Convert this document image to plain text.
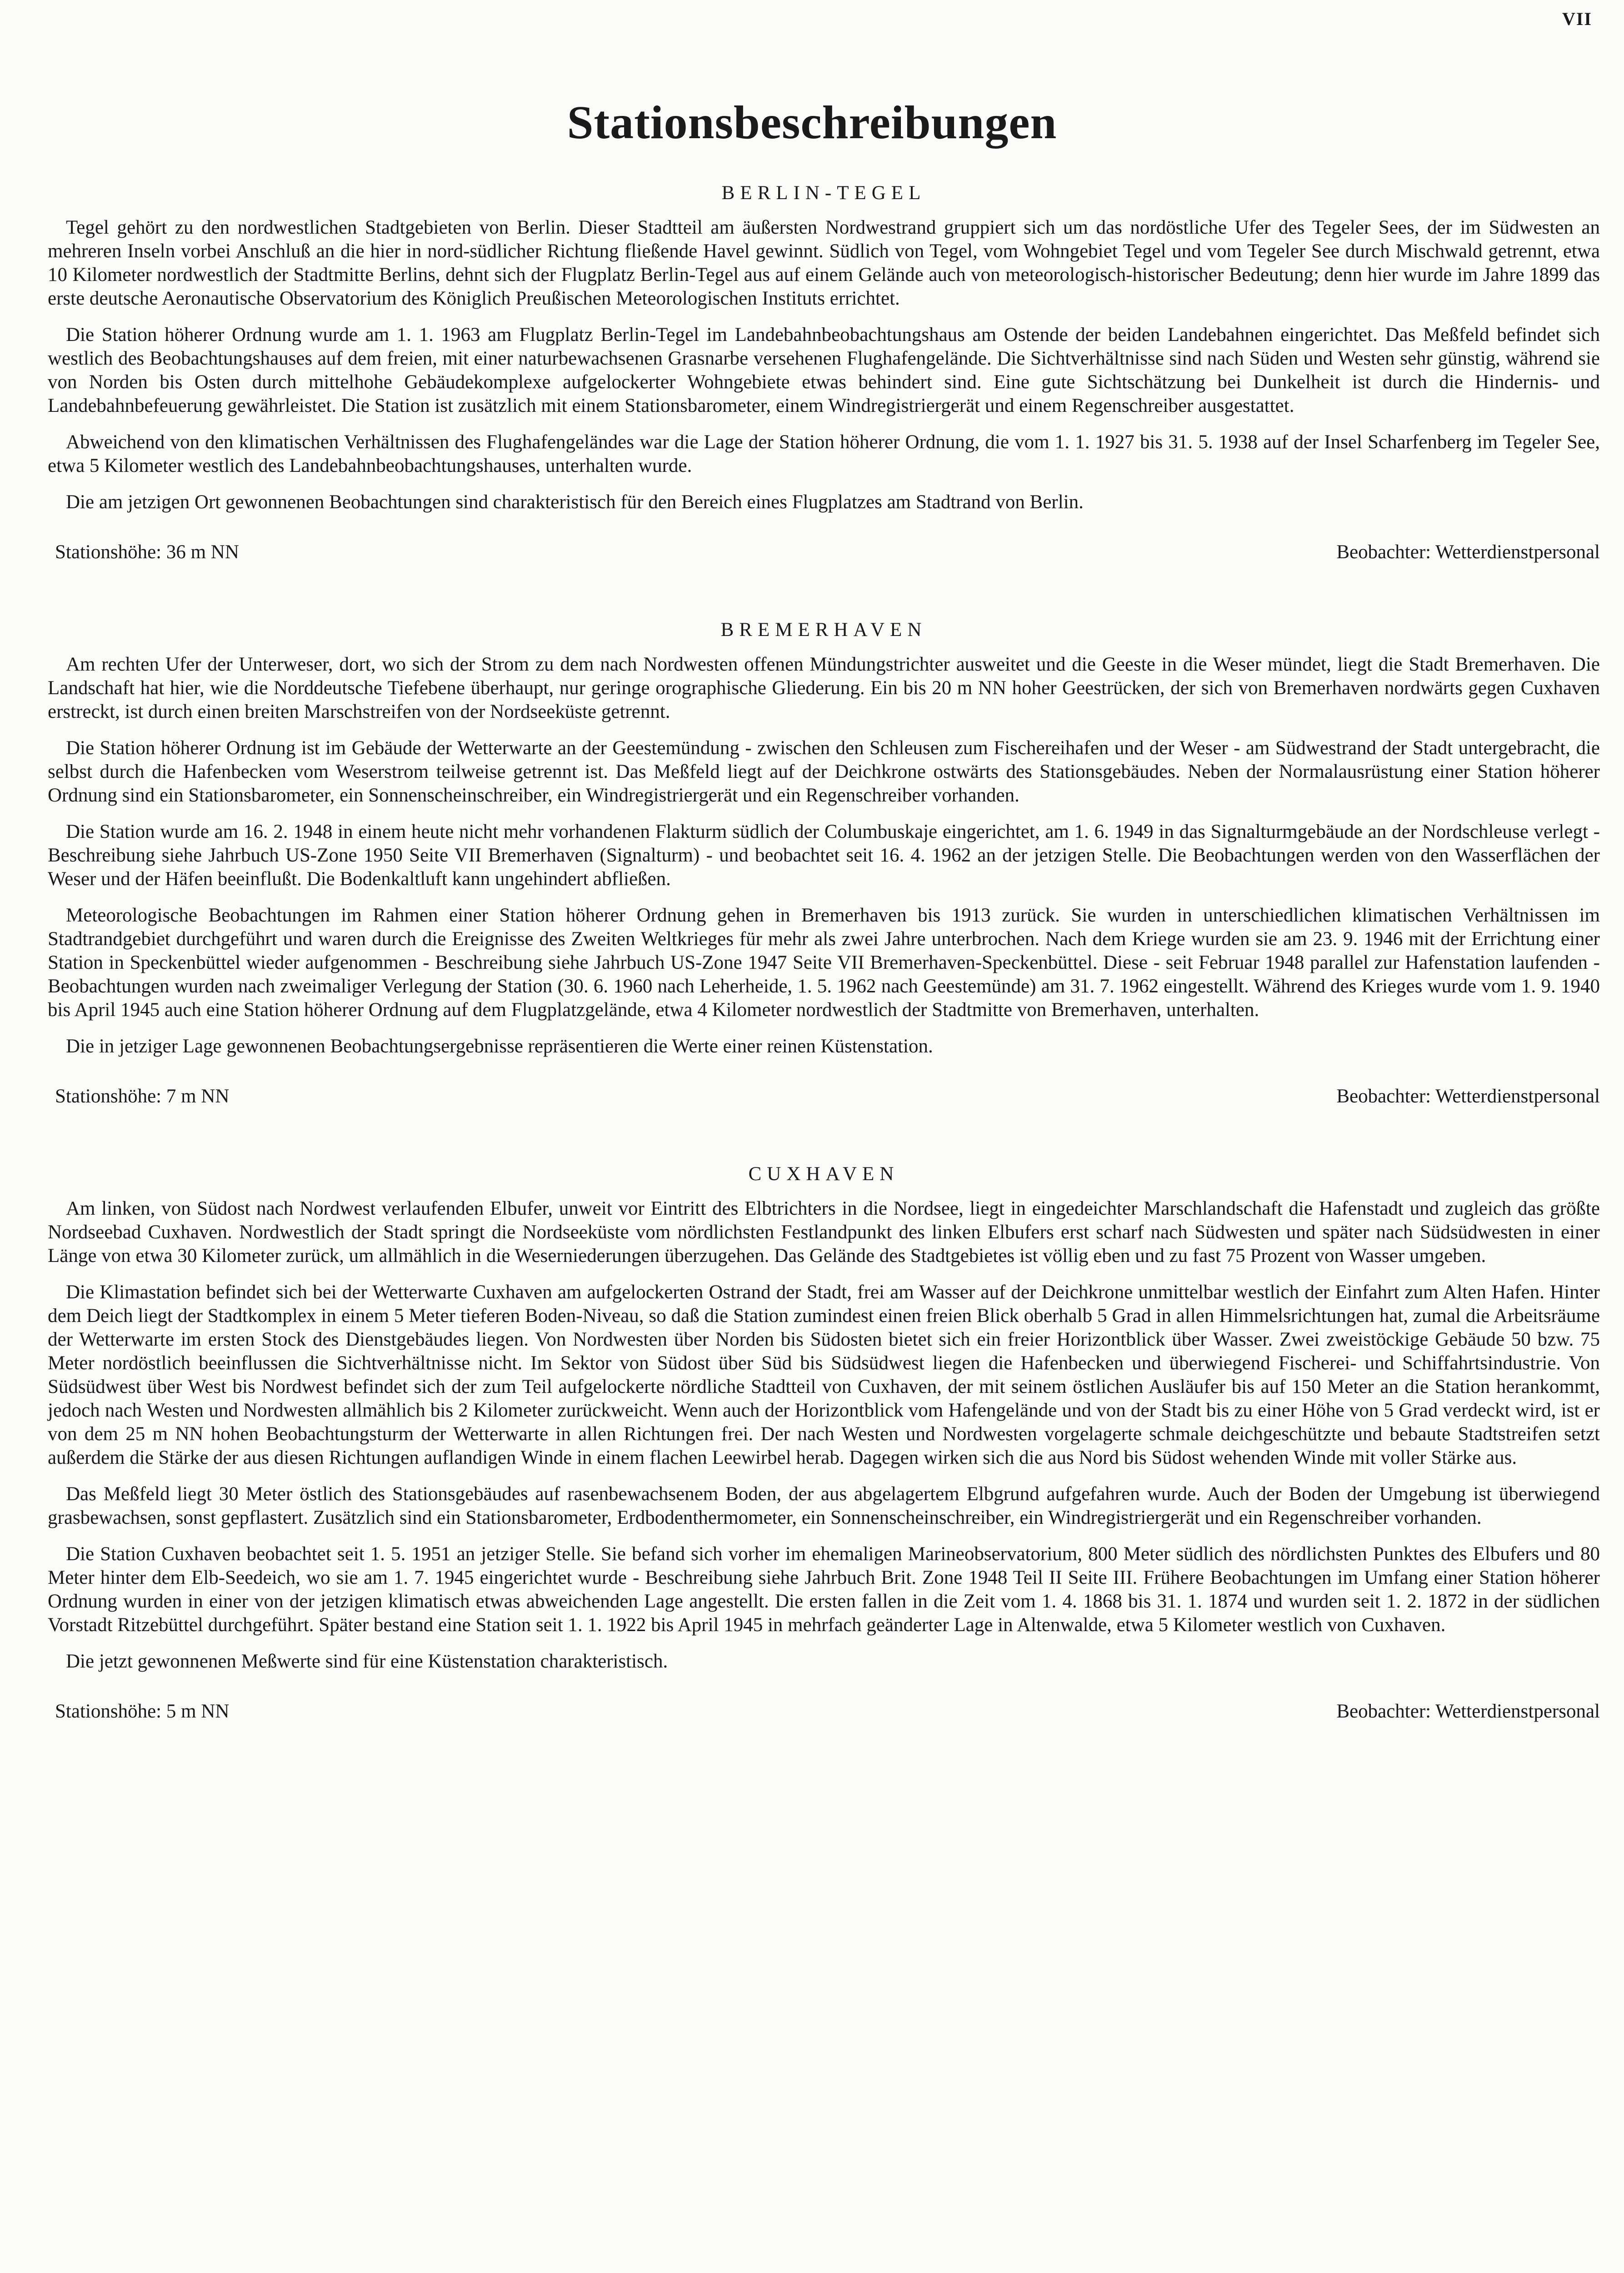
VII
Stationsbeschreibungen
BERLIN-TEGEL

Tegel gehört zu den nordwestlichen Stadtgebieten von Berlin. Dieser Stadtteil am äußersten Nordwestrand gruppiert sich um das nordöstliche Ufer des Tegeler Sees, der im Südwesten an mehreren Inseln vorbei Anschluß an die hier in nord-südlicher Richtung fließende Havel gewinnt. Südlich von Tegel, vom Wohngebiet Tegel und vom Tegeler See durch Mischwald getrennt, etwa 10 Kilometer nordwestlich der Stadtmitte Berlins, dehnt sich der Flugplatz Berlin-Tegel aus auf einem Gelände auch von meteorologisch-historischer Bedeutung; denn hier wurde im Jahre 1899 das erste deutsche Aeronautische Observatorium des Königlich Preußischen Meteorologischen Instituts errichtet.

Die Station höherer Ordnung wurde am 1. 1. 1963 am Flugplatz Berlin-Tegel im Landebahnbeobachtungshaus am Ostende der beiden Landebahnen eingerichtet. Das Meßfeld befindet sich westlich des Beobachtungshauses auf dem freien, mit einer naturbewachsenen Grasnarbe versehenen Flughafengelände. Die Sichtverhältnisse sind nach Süden und Westen sehr günstig, während sie von Norden bis Osten durch mittelhohe Gebäudekomplexe aufgelockerter Wohngebiete etwas behindert sind. Eine gute Sichtschätzung bei Dunkelheit ist durch die Hindernis- und Landebahnbefeuerung gewährleistet. Die Station ist zusätzlich mit einem Stationsbarometer, einem Windregistriergerät und einem Regenschreiber ausgestattet.

Abweichend von den klimatischen Verhältnissen des Flughafengeländes war die Lage der Station höherer Ordnung, die vom 1. 1. 1927 bis 31. 5. 1938 auf der Insel Scharfenberg im Tegeler See, etwa 5 Kilometer westlich des Landebahnbeobachtungshauses, unterhalten wurde.

Die am jetzigen Ort gewonnenen Beobachtungen sind charakteristisch für den Bereich eines Flugplatzes am Stadtrand von Berlin.

Stationshöhe: 36 m NN	Beobachter: Wetterdienstpersonal
BREMERHAVEN

Am rechten Ufer der Unterweser, dort, wo sich der Strom zu dem nach Nordwesten offenen Mündungstrichter ausweitet und die Geeste in die Weser mündet, liegt die Stadt Bremerhaven. Die Landschaft hat hier, wie die Norddeutsche Tiefebene überhaupt, nur geringe orographische Gliederung. Ein bis 20 m NN hoher Geestrücken, der sich von Bremerhaven nordwärts gegen Cuxhaven erstreckt, ist durch einen breiten Marschstreifen von der Nordseeküste getrennt.

Die Station höherer Ordnung ist im Gebäude der Wetterwarte an der Geestemündung - zwischen den Schleusen zum Fischereihafen und der Weser - am Südwestrand der Stadt untergebracht, die selbst durch die Hafenbecken vom Weserstrom teilweise getrennt ist. Das Meßfeld liegt auf der Deichkrone ostwärts des Stationsgebäudes. Neben der Normalausrüstung einer Station höherer Ordnung sind ein Stationsbarometer, ein Sonnenscheinschreiber, ein Windregistriergerät und ein Regenschreiber vorhanden.

Die Station wurde am 16. 2. 1948 in einem heute nicht mehr vorhandenen Flakturm südlich der Columbuskaje eingerichtet, am 1. 6. 1949 in das Signalturmgebäude an der Nordschleuse verlegt - Beschreibung siehe Jahrbuch US-Zone 1950 Seite VII Bremerhaven (Signalturm) - und beobachtet seit 16. 4. 1962 an der jetzigen Stelle. Die Beobachtungen werden von den Wasserflächen der Weser und der Häfen beeinflußt. Die Bodenkaltluft kann ungehindert abfließen.

Meteorologische Beobachtungen im Rahmen einer Station höherer Ordnung gehen in Bremerhaven bis 1913 zurück. Sie wurden in unterschiedlichen klimatischen Verhältnissen im Stadtrandgebiet durchgeführt und waren durch die Ereignisse des Zweiten Weltkrieges für mehr als zwei Jahre unterbrochen. Nach dem Kriege wurden sie am 23. 9. 1946 mit der Errichtung einer Station in Speckenbüttel wieder aufgenommen - Beschreibung siehe Jahrbuch US-Zone 1947 Seite VII Bremerhaven-Speckenbüttel. Diese - seit Februar 1948 parallel zur Hafenstation laufenden - Beobachtungen wurden nach zweimaliger Verlegung der Station (30. 6. 1960 nach Leherheide, 1. 5. 1962 nach Geestemünde) am 31. 7. 1962 eingestellt. Während des Krieges wurde vom 1. 9. 1940 bis April 1945 auch eine Station höherer Ordnung auf dem Flugplatzgelände, etwa 4 Kilometer nordwestlich der Stadtmitte von Bremerhaven, unterhalten.

Die in jetziger Lage gewonnenen Beobachtungsergebnisse repräsentieren die Werte einer reinen Küstenstation.

Stationshöhe: 7 m NN	Beobachter: Wetterdienstpersonal
CUXHAVEN

Am linken, von Südost nach Nordwest verlaufenden Elbufer, unweit vor Eintritt des Elbtrichters in die Nordsee, liegt in eingedeichter Marschlandschaft die Hafenstadt und zugleich das größte Nordseebad Cuxhaven. Nordwestlich der Stadt springt die Nordseeküste vom nördlichsten Festlandpunkt des linken Elbufers erst scharf nach Südwesten und später nach Südsüdwesten in einer Länge von etwa 30 Kilometer zurück, um allmählich in die Weserniederungen überzugehen. Das Gelände des Stadtgebietes ist völlig eben und zu fast 75 Prozent von Wasser umgeben.

Die Klimastation befindet sich bei der Wetterwarte Cuxhaven am aufgelockerten Ostrand der Stadt, frei am Wasser auf der Deichkrone unmittelbar westlich der Einfahrt zum Alten Hafen. Hinter dem Deich liegt der Stadtkomplex in einem 5 Meter tieferen Boden-Niveau, so daß die Station zumindest einen freien Blick oberhalb 5 Grad in allen Himmelsrichtungen hat, zumal die Arbeitsräume der Wetterwarte im ersten Stock des Dienstgebäudes liegen. Von Nordwesten über Norden bis Südosten bietet sich ein freier Horizontblick über Wasser. Zwei zweistöckige Gebäude 50 bzw. 75 Meter nordöstlich beeinflussen die Sichtverhältnisse nicht. Im Sektor von Südost über Süd bis Südsüdwest liegen die Hafenbecken und überwiegend Fischerei- und Schiffahrtsindustrie. Von Südsüdwest über West bis Nordwest befindet sich der zum Teil aufgelockerte nördliche Stadtteil von Cuxhaven, der mit seinem östlichen Ausläufer bis auf 150 Meter an die Station herankommt, jedoch nach Westen und Nordwesten allmählich bis 2 Kilometer zurückweicht. Wenn auch der Horizontblick vom Hafengelände und von der Stadt bis zu einer Höhe von 5 Grad verdeckt wird, ist er von dem 25 m NN hohen Beobachtungsturm der Wetterwarte in allen Richtungen frei. Der nach Westen und Nordwesten vorgelagerte schmale deichgeschützte und bebaute Stadtstreifen setzt außerdem die Stärke der aus diesen Richtungen auflandigen Winde in einem flachen Leewirbel herab. Dagegen wirken sich die aus Nord bis Südost wehenden Winde mit voller Stärke aus.

Das Meßfeld liegt 30 Meter östlich des Stationsgebäudes auf rasenbewachsenem Boden, der aus abgelagertem Elbgrund aufgefahren wurde. Auch der Boden der Umgebung ist überwiegend grasbewachsen, sonst gepflastert. Zusätzlich sind ein Stationsbarometer, Erdbodenthermometer, ein Sonnenscheinschreiber, ein Windregistriergerät und ein Regenschreiber vorhanden.

Die Station Cuxhaven beobachtet seit 1. 5. 1951 an jetziger Stelle. Sie befand sich vorher im ehemaligen Marineobservatorium, 800 Meter südlich des nördlichsten Punktes des Elbufers und 80 Meter hinter dem Elb-Seedeich, wo sie am 1. 7. 1945 eingerichtet wurde - Beschreibung siehe Jahrbuch Brit. Zone 1948 Teil II Seite III. Frühere Beobachtungen im Umfang einer Station höherer Ordnung wurden in einer von der jetzigen klimatisch etwas abweichenden Lage angestellt. Die ersten fallen in die Zeit vom 1. 4. 1868 bis 31. 1. 1874 und wurden seit 1. 2. 1872 in der südlichen Vorstadt Ritzebüttel durchgeführt. Später bestand eine Station seit 1. 1. 1922 bis April 1945 in mehrfach geänderter Lage in Altenwalde, etwa 5 Kilometer westlich von Cuxhaven.

Die jetzt gewonnenen Meßwerte sind für eine Küstenstation charakteristisch.

Stationshöhe: 5 m NN	Beobachter: Wetterdienstpersonal
